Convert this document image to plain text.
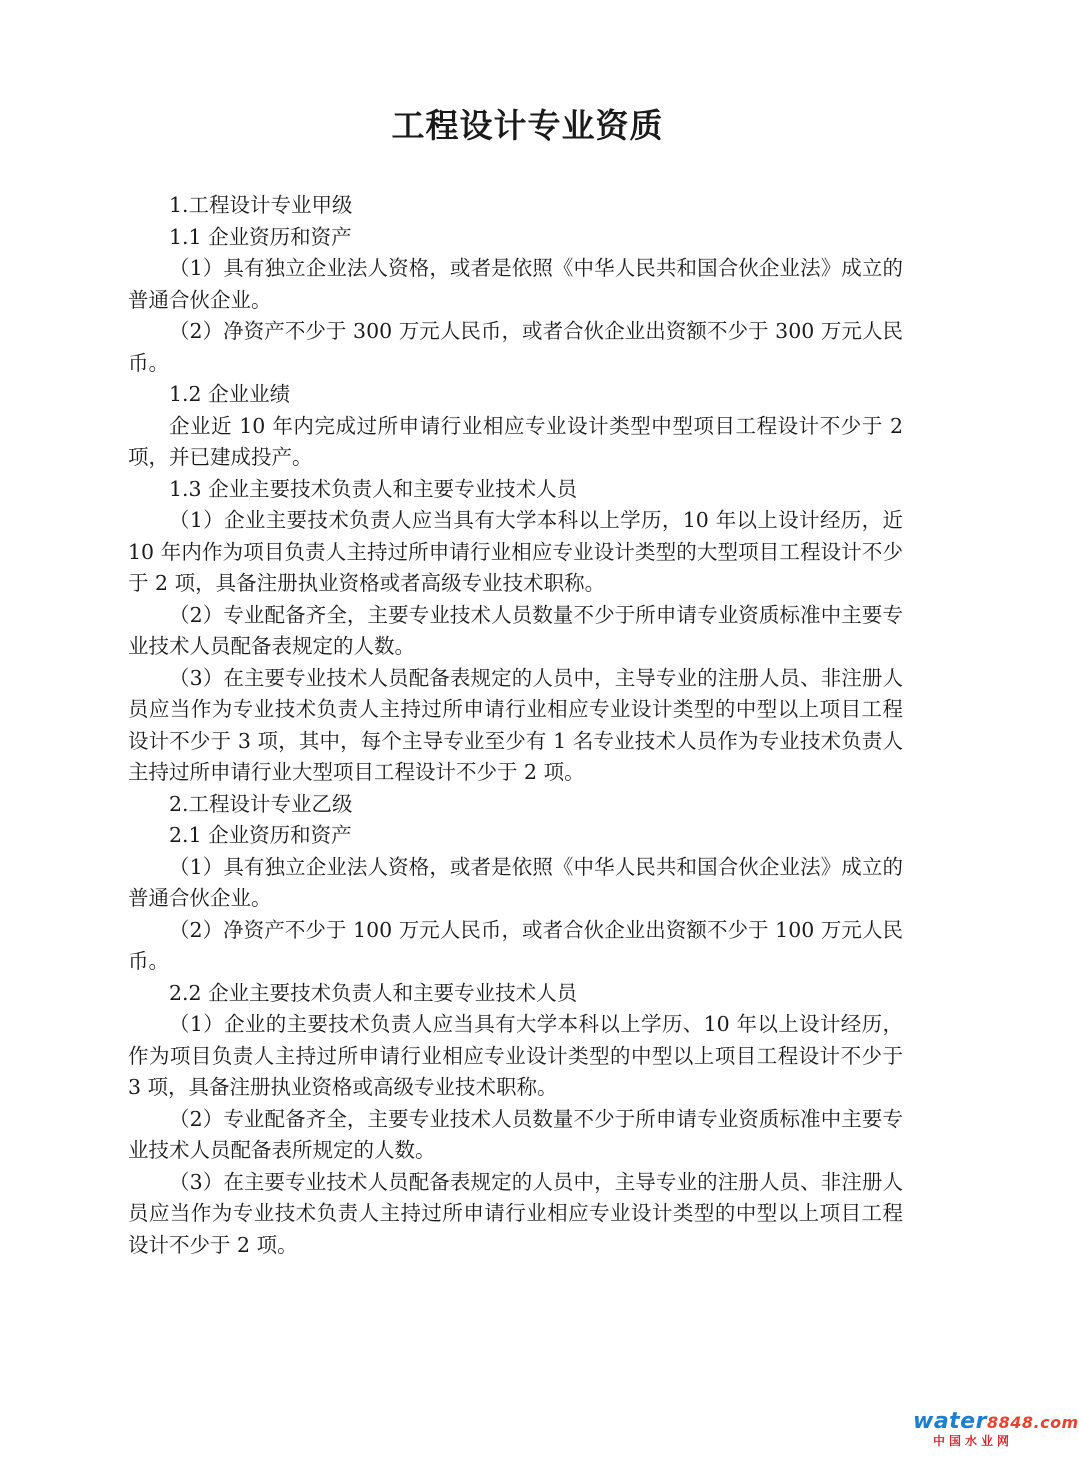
工程设计专业资质

1.工程设计专业甲级

1.1 企业资历和资产

（1）具有独立企业法人资格，或者是依照《中华人民共和国合伙企业法》成立的普通合伙企业。

（2）净资产不少于 300 万元人民币，或者合伙企业出资额不少于 300 万元人民币。

1.2 企业业绩

企业近 10 年内完成过所申请行业相应专业设计类型中型项目工程设计不少于 2 项，并已建成投产。

1.3 企业主要技术负责人和主要专业技术人员

（1）企业主要技术负责人应当具有大学本科以上学历，10 年以上设计经历，近 10 年内作为项目负责人主持过所申请行业相应专业设计类型的大型项目工程设计不少于 2 项，具备注册执业资格或者高级专业技术职称。

（2）专业配备齐全，主要专业技术人员数量不少于所申请专业资质标准中主要专业技术人员配备表规定的人数。

（3）在主要专业技术人员配备表规定的人员中，主导专业的注册人员、非注册人员应当作为专业技术负责人主持过所申请行业相应专业设计类型的中型以上项目工程设计不少于 3 项，其中，每个主导专业至少有 1 名专业技术人员作为专业技术负责人主持过所申请行业大型项目工程设计不少于 2 项。

2.工程设计专业乙级

2.1 企业资历和资产

（1）具有独立企业法人资格，或者是依照《中华人民共和国合伙企业法》成立的普通合伙企业。

（2）净资产不少于 100 万元人民币，或者合伙企业出资额不少于 100 万元人民币。

2.2 企业主要技术负责人和主要专业技术人员

（1）企业的主要技术负责人应当具有大学本科以上学历、10 年以上设计经历，作为项目负责人主持过所申请行业相应专业设计类型的中型以上项目工程设计不少于 3 项，具备注册执业资格或高级专业技术职称。

（2）专业配备齐全，主要专业技术人员数量不少于所申请专业资质标准中主要专业技术人员配备表所规定的人数。

（3）在主要专业技术人员配备表规定的人员中，主导专业的注册人员、非注册人员应当作为专业技术负责人主持过所申请行业相应专业设计类型的中型以上项目工程设计不少于 2 项。

water8848.com
中国水业网
